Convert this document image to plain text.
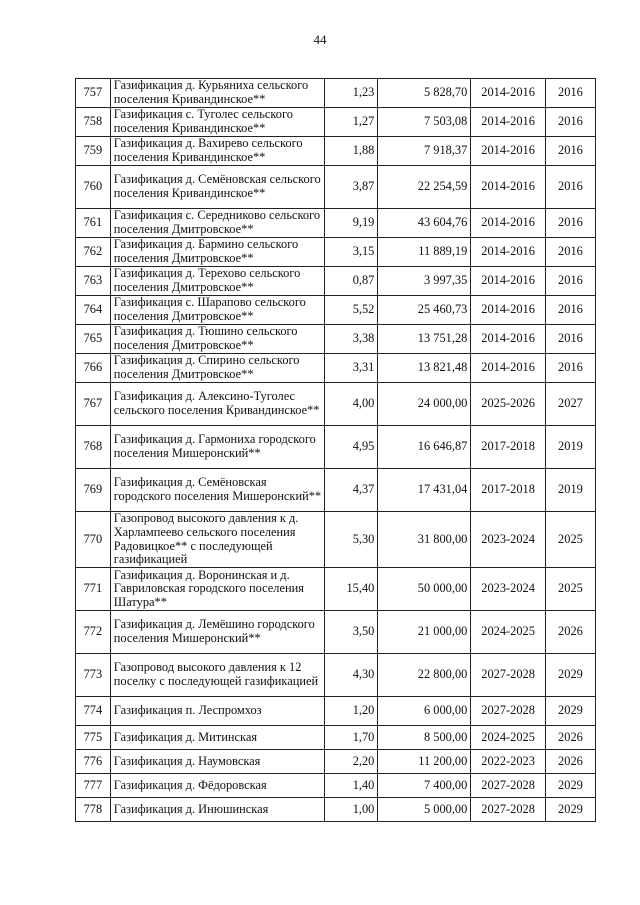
44
757	Газификация д. Курьяниха сельского поселения Кривандинское**	1,23	5 828,70	2014-2016	2016
758	Газификация с. Туголес сельского поселения Кривандинское**	1,27	7 503,08	2014-2016	2016
759	Газификация д. Вахирево сельского поселения Кривандинское**	1,88	7 918,37	2014-2016	2016
760	Газификация д. Семёновская сельского поселения Кривандинское**	3,87	22 254,59	2014-2016	2016
761	Газификация с. Середниково сельского поселения Дмитровское**	9,19	43 604,76	2014-2016	2016
762	Газификация д. Бармино сельского поселения Дмитровское**	3,15	11 889,19	2014-2016	2016
763	Газификация д. Терехово сельского поселения Дмитровское**	0,87	3 997,35	2014-2016	2016
764	Газификация с. Шарапово сельского поселения Дмитровское**	5,52	25 460,73	2014-2016	2016
765	Газификация д. Тюшино сельского поселения Дмитровское**	3,38	13 751,28	2014-2016	2016
766	Газификация д. Спирино сельского поселения Дмитровское**	3,31	13 821,48	2014-2016	2016
767	Газификация д. Алексино-Туголес сельского поселения Кривандинское**	4,00	24 000,00	2025-2026	2027
768	Газификация д. Гармониха городского поселения Мишеронский**	4,95	16 646,87	2017-2018	2019
769	Газификация д. Семёновская городского поселения Мишеронский**	4,37	17 431,04	2017-2018	2019
770	Газопровод высокого давления к д. Харлампеево сельского поселения Радовицкое** с последующей газификацией	5,30	31 800,00	2023-2024	2025
771	Газификация д. Воронинская и д. Гавриловская городского поселения Шатура**	15,40	50 000,00	2023-2024	2025
772	Газификация д. Лемёшино городского поселения Мишеронский**	3,50	21 000,00	2024-2025	2026
773	Газопровод высокого давления к 12 поселку с последующей газификацией	4,30	22 800,00	2027-2028	2029
774	Газификация п. Леспромхоз	1,20	6 000,00	2027-2028	2029
775	Газификация д. Митинская	1,70	8 500,00	2024-2025	2026
776	Газификация д. Наумовская	2,20	11 200,00	2022-2023	2026
777	Газификация д. Фёдоровская	1,40	7 400,00	2027-2028	2029
778	Газификация д. Инюшинская	1,00	5 000,00	2027-2028	2029
